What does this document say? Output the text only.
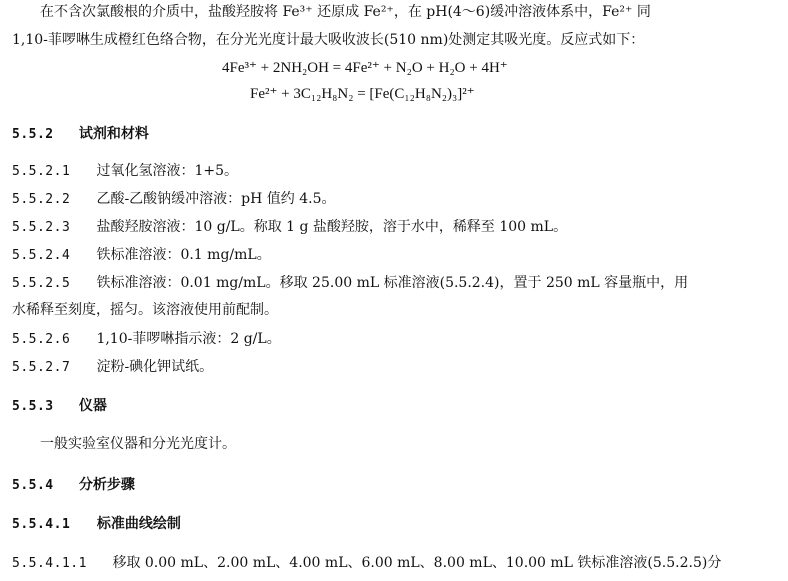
在不含次氯酸根的介质中，盐酸羟胺将 Fe³⁺ 还原成 Fe²⁺，在 pH(4～6)缓冲溶液体系中，Fe²⁺ 同
1,10-菲啰啉生成橙红色络合物，在分光光度计最大吸收波长(510 nm)处测定其吸光度。反应式如下：
4Fe³⁺ + 2NH₂OH = 4Fe²⁺ + N₂O + H₂O + 4H⁺
Fe²⁺ + 3C₁₂H₈N₂ = [Fe(C₁₂H₈N₂)₃]²⁺
5.5.2 试剂和材料
5.5.2.1 过氧化氢溶液：1+5。
5.5.2.2 乙酸-乙酸钠缓冲溶液：pH 值约 4.5。
5.5.2.3 盐酸羟胺溶液：10 g/L。称取 1 g 盐酸羟胺，溶于水中，稀释至 100 mL。
5.5.2.4 铁标准溶液：0.1 mg/mL。
5.5.2.5 铁标准溶液：0.01 mg/mL。移取 25.00 mL 标准溶液(5.5.2.4)，置于 250 mL 容量瓶中，用
水稀释至刻度，摇匀。该溶液使用前配制。
5.5.2.6 1,10-菲啰啉指示液：2 g/L。
5.5.2.7 淀粉-碘化钾试纸。
5.5.3 仪器
一般实验室仪器和分光光度计。
5.5.4 分析步骤
5.5.4.1 标准曲线绘制
5.5.4.1.1 移取 0.00 mL、2.00 mL、4.00 mL、6.00 mL、8.00 mL、10.00 mL 铁标准溶液(5.5.2.5)分
